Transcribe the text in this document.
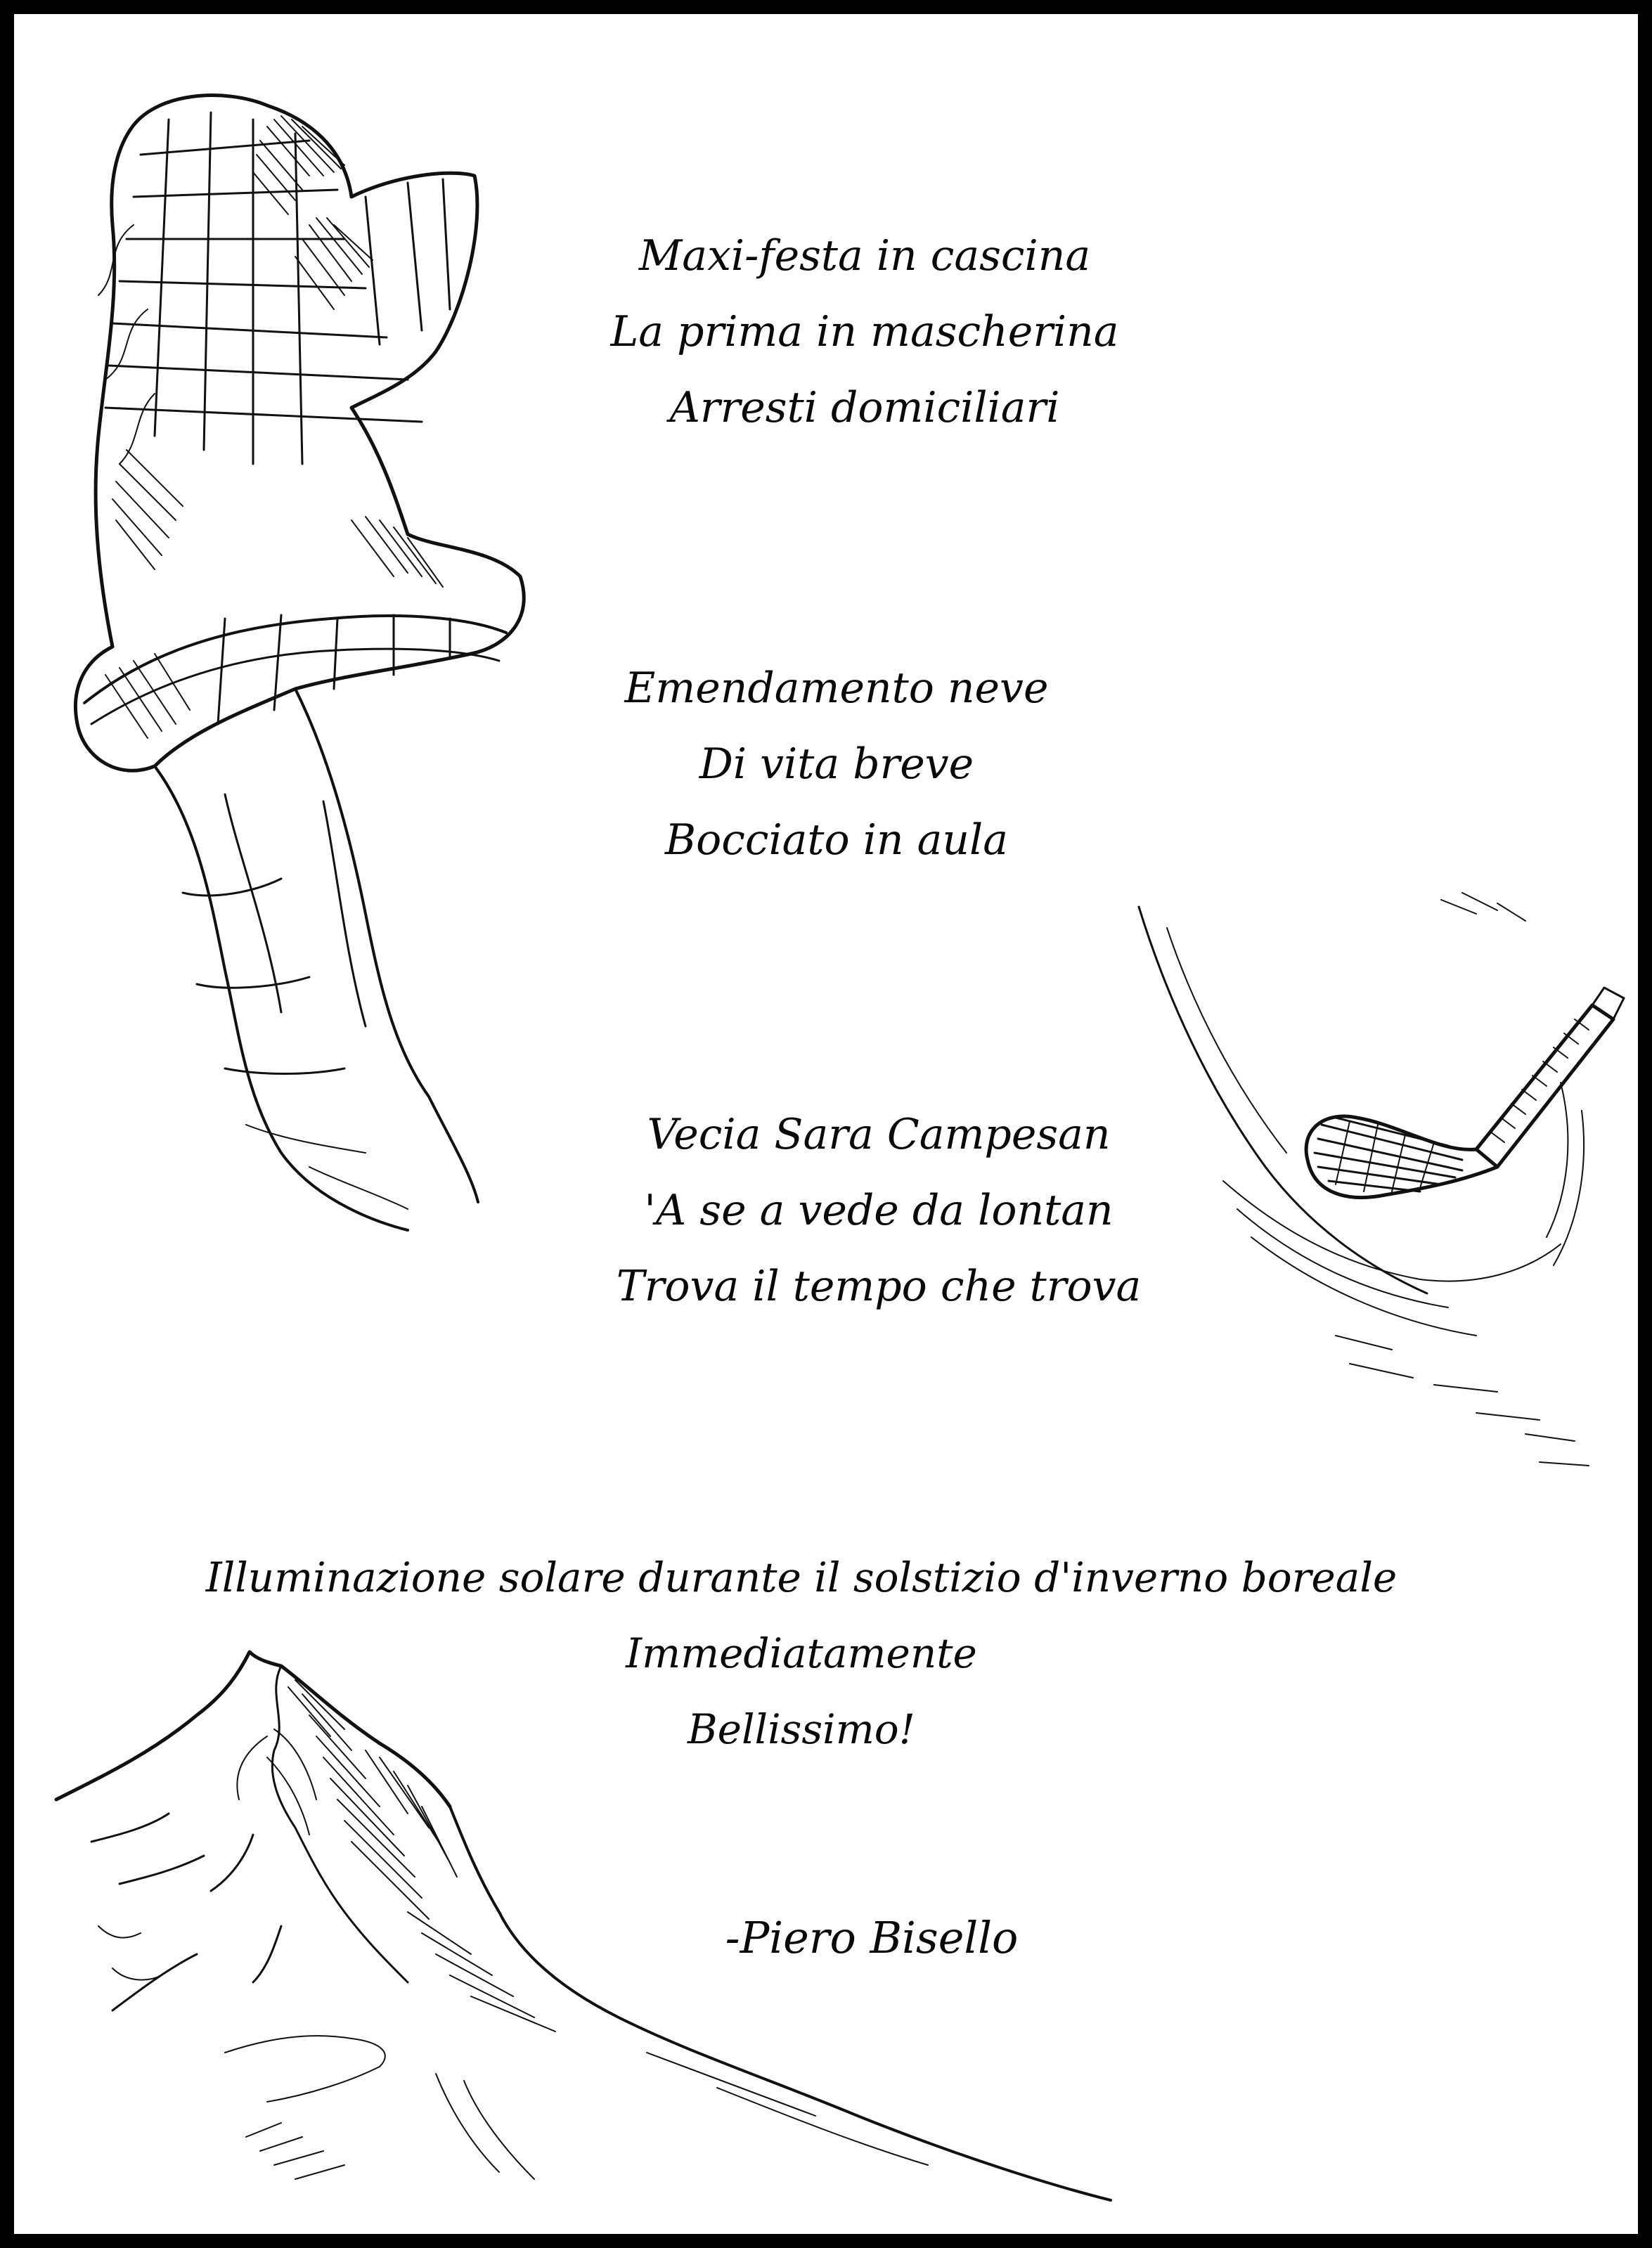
Maxi-festa in cascina
La prima in mascherina
Arresti domiciliari
Emendamento neve
Di vita breve
Bocciato in aula
Vecia Sara Campesan
'A se a vede da lontan
Trova il tempo che trova
Illuminazione solare durante il solstizio d'inverno boreale
Immediatamente
Bellissimo!
-Piero Bisello
